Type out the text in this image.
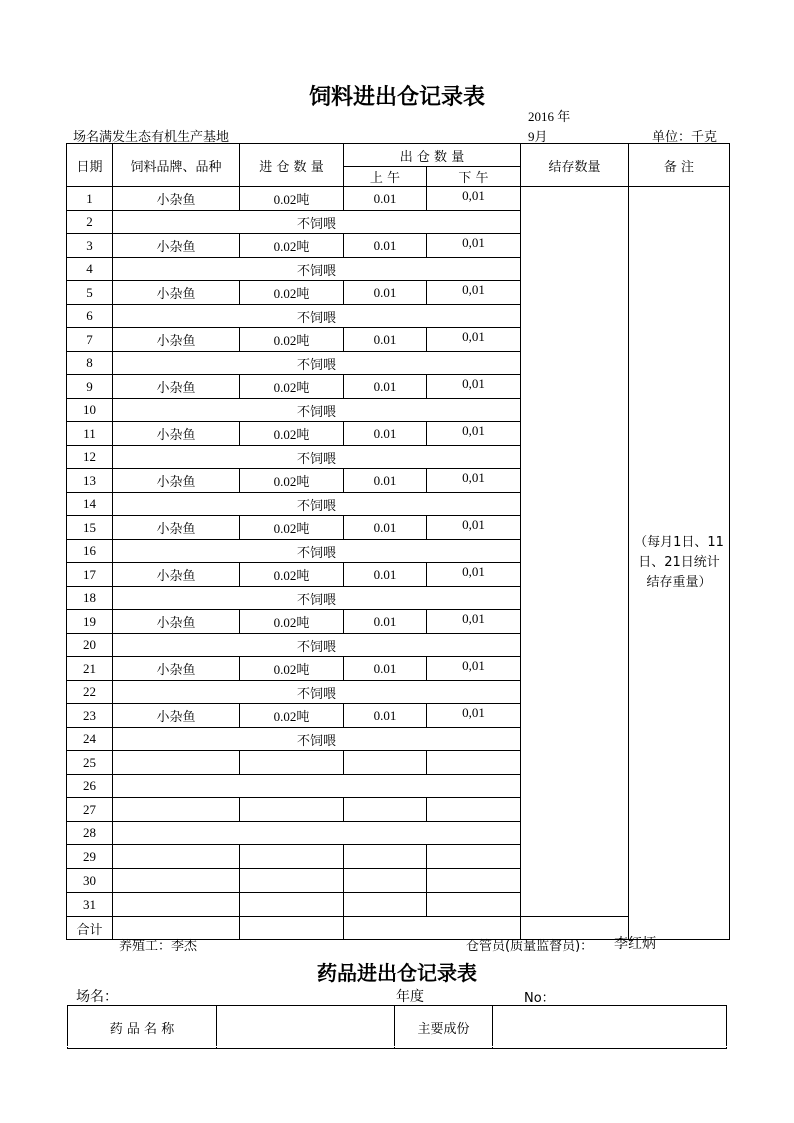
饲料进出仓记录表
2016 年
场名满发生态有机生产基地	9月	单位：千克
日期	饲料品牌、品种	进 仓 数 量	出 仓 数 量		结存数量	备 注
			上 午	下 午		
1	小杂鱼	0.02吨	0.01	0,01		（每月1日、11日、21日统计结存重量）
2	不饲喂					
3	小杂鱼	0.02吨	0.01	0,01		
4	不饲喂					
5	小杂鱼	0.02吨	0.01	0,01		
6	不饲喂					
7	小杂鱼	0.02吨	0.01	0,01		
8	不饲喂					
9	小杂鱼	0.02吨	0.01	0,01		
10	不饲喂					
11	小杂鱼	0.02吨	0.01	0,01		
12	不饲喂					
13	小杂鱼	0.02吨	0.01	0,01		
14	不饲喂					
15	小杂鱼	0.02吨	0.01	0,01		
16	不饲喂					
17	小杂鱼	0.02吨	0.01	0,01		
18	不饲喂					
19	小杂鱼	0.02吨	0.01	0,01		
20	不饲喂					
21	小杂鱼	0.02吨	0.01	0,01		
22	不饲喂					
23	小杂鱼	0.02吨	0.01	0,01		
24	不饲喂					
25						
26						
27						
28						
29						
30						
31						
合计						
养殖工：李杰	仓管员(质量监督员)： 李红炳
药品进出仓记录表
场名：	年度	No：
药 品 名 称		主要成份	
